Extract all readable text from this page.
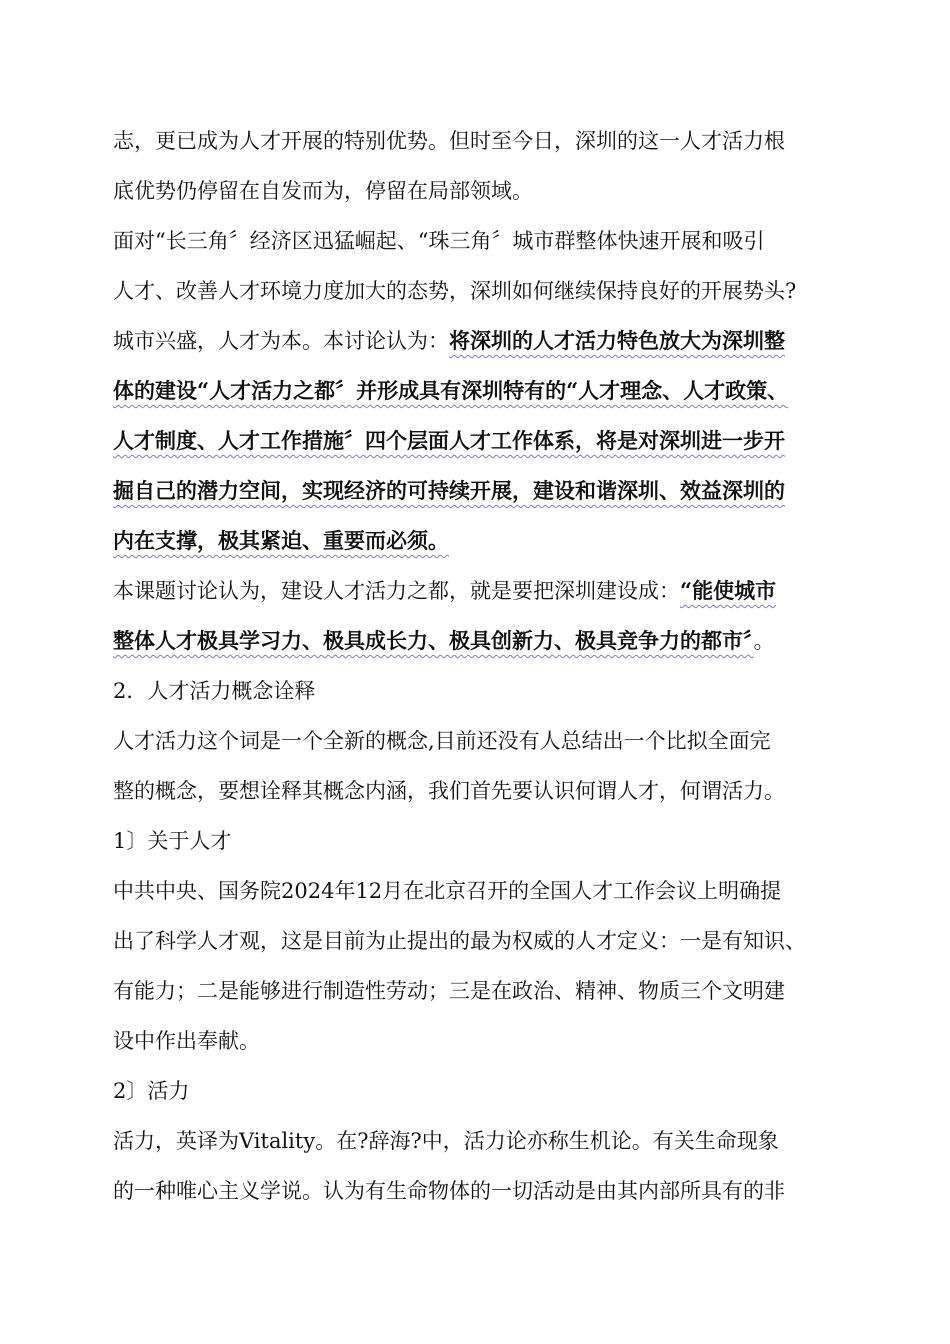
志，更已成为人才开展的特别优势。但时至今日，深圳的这一人才活力根
底优势仍停留在自发而为，停留在局部领域。
面对“长三角〞经济区迅猛崛起、“珠三角〞城市群整体快速开展和吸引
人才、改善人才环境力度加大的态势，深圳如何继续保持良好的开展势头?
城市兴盛，人才为本。本讨论认为：将深圳的人才活力特色放大为深圳整
体的建设“人才活力之都〞并形成具有深圳特有的“人才理念、人才政策、
人才制度、人才工作措施〞四个层面人才工作体系，将是对深圳进一步开
掘自己的潜力空间，实现经济的可持续开展，建设和谐深圳、效益深圳的
内在支撑，极其紧迫、重要而必须。
本课题讨论认为，建设人才活力之都，就是要把深圳建设成：“能使城市
整体人才极具学习力、极具成长力、极具创新力、极具竞争力的都市〞。
2．人才活力概念诠释
人才活力这个词是一个全新的概念,目前还没有人总结出一个比拟全面完
整的概念，要想诠释其概念内涵，我们首先要认识何谓人才，何谓活力。
1〕关于人才
中共中央、国务院2024年12月在北京召开的全国人才工作会议上明确提
出了科学人才观，这是目前为止提出的最为权威的人才定义：一是有知识、
有能力；二是能够进行制造性劳动；三是在政治、精神、物质三个文明建
设中作出奉献。
2〕活力
活力，英译为Vitality。在?辞海?中，活力论亦称生机论。有关生命现象
的一种唯心主义学说。认为有生命物体的一切活动是由其内部所具有的非
